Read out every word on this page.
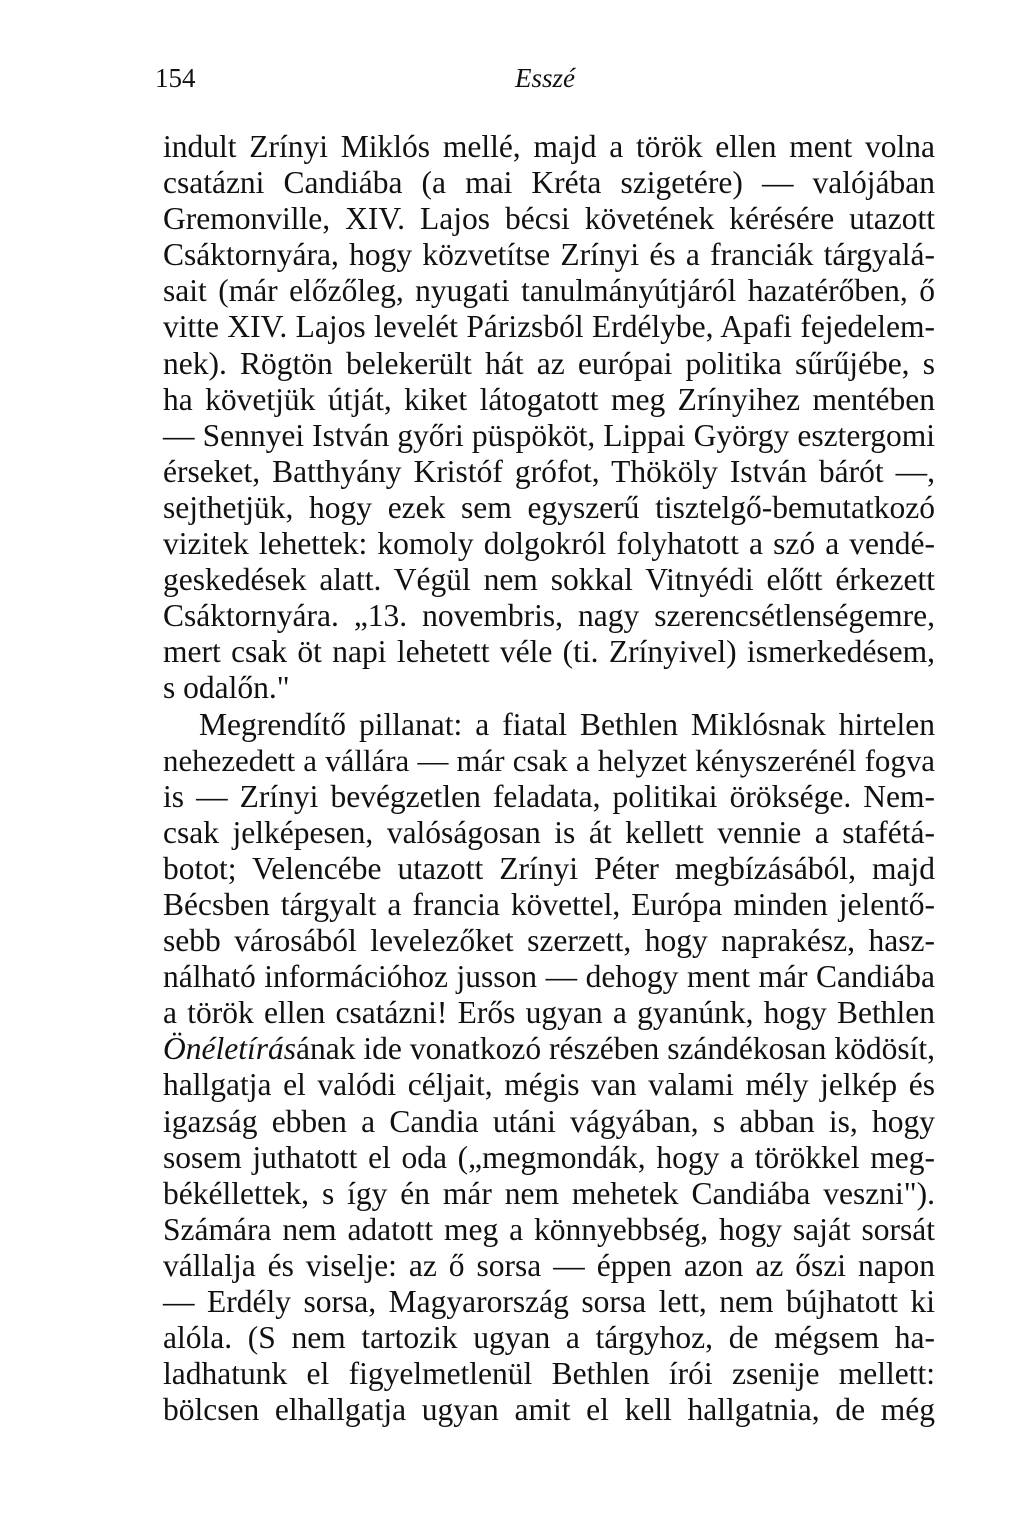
154	Esszé
indult Zrínyi Miklós mellé, majd a török ellen ment volna
csatázni Candiába (a mai Kréta szigetére) — valójában
Gremonville, XIV. Lajos bécsi követének kérésére utazott
Csáktornyára, hogy közvetítse Zrínyi és a franciák tárgyalá-
sait (már előzőleg, nyugati tanulmányútjáról hazatérőben, ő
vitte XIV. Lajos levelét Párizsból Erdélybe, Apafi fejedelem-
nek). Rögtön belekerült hát az európai politika sűrűjébe, s
ha követjük útját, kiket látogatott meg Zrínyihez mentében
— Sennyei István győri püspököt, Lippai György esztergomi
érseket, Batthyány Kristóf grófot, Thököly István bárót —,
sejthetjük, hogy ezek sem egyszerű tisztelgő-bemutatkozó
vizitek lehettek: komoly dolgokról folyhatott a szó a vendé-
geskedések alatt. Végül nem sokkal Vitnyédi előtt érkezett
Csáktornyára. „13. novembris, nagy szerencsétlenségemre,
mert csak öt napi lehetett véle (ti. Zrínyivel) ismerkedésem,
s odalőn."
Megrendítő pillanat: a fiatal Bethlen Miklósnak hirtelen
nehezedett a vállára — már csak a helyzet kényszerénél fogva
is — Zrínyi bevégzetlen feladata, politikai öröksége. Nem-
csak jelképesen, valóságosan is át kellett vennie a stafétá-
botot; Velencébe utazott Zrínyi Péter megbízásából, majd
Bécsben tárgyalt a francia követtel, Európa minden jelentő-
sebb városából levelezőket szerzett, hogy naprakész, hasz-
nálható információhoz jusson — dehogy ment már Candiába
a török ellen csatázni! Erős ugyan a gyanúnk, hogy Bethlen
Önéletírásának ide vonatkozó részében szándékosan ködösít,
hallgatja el valódi céljait, mégis van valami mély jelkép és
igazság ebben a Candia utáni vágyában, s abban is, hogy
sosem juthatott el oda („megmondák, hogy a törökkel meg-
békéllettek, s így én már nem mehetek Candiába veszni").
Számára nem adatott meg a könnyebbség, hogy saját sorsát
vállalja és viselje: az ő sorsa — éppen azon az őszi napon
— Erdély sorsa, Magyarország sorsa lett, nem bújhatott ki
alóla. (S nem tartozik ugyan a tárgyhoz, de mégsem ha-
ladhatunk el figyelmetlenül Bethlen írói zsenije mellett:
bölcsen elhallgatja ugyan amit el kell hallgatnia, de még
